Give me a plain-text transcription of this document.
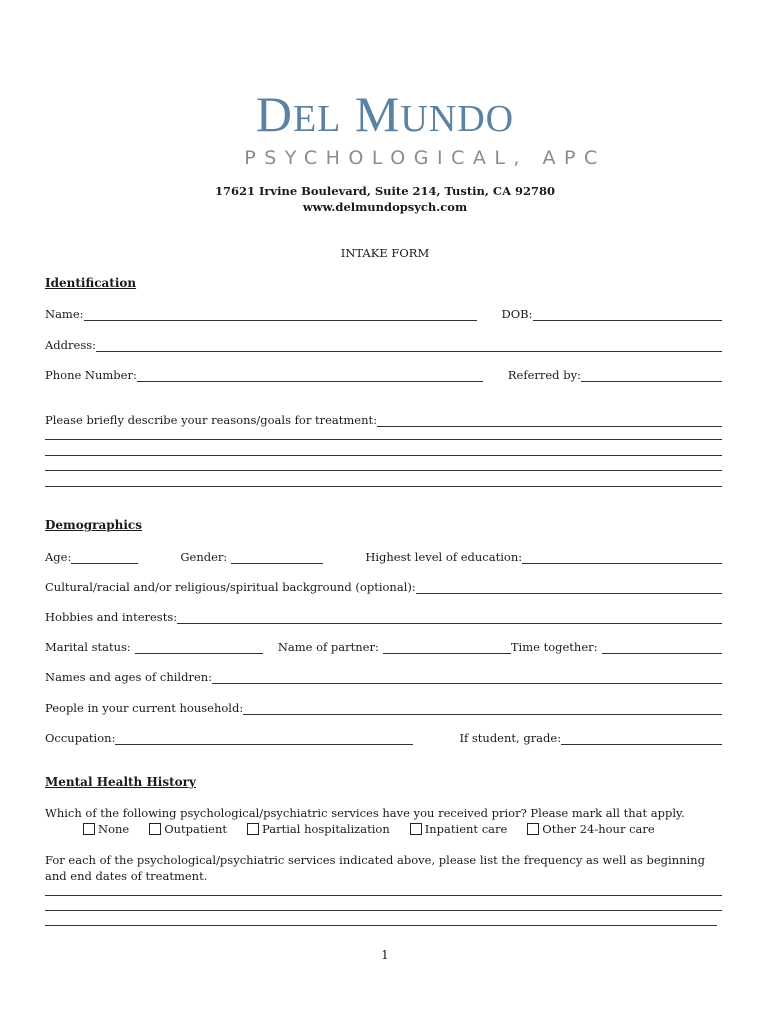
DEL MUNDO
PSYCHOLOGICAL, APC
17621 Irvine Boulevard, Suite 214, Tustin, CA 92780
www.delmundopsych.com
INTAKE FORM
Identification
Name:	DOB:
Address:
Phone Number:	Referred by:
Please briefly describe your reasons/goals for treatment:
Demographics
Age:	Gender:	Highest level of education:
Cultural/racial and/or religious/spiritual background (optional):
Hobbies and interests:
Marital status:	Name of partner:	Time together:
Names and ages of children:
People in your current household:
Occupation:	If student, grade:
Mental Health History
Which of the following psychological/psychiatric services have you received prior? Please mark all that apply.
None	Outpatient	Partial hospitalization	Inpatient care	Other 24-hour care
For each of the psychological/psychiatric services indicated above, please list the frequency as well as beginning and end dates of treatment.
1
